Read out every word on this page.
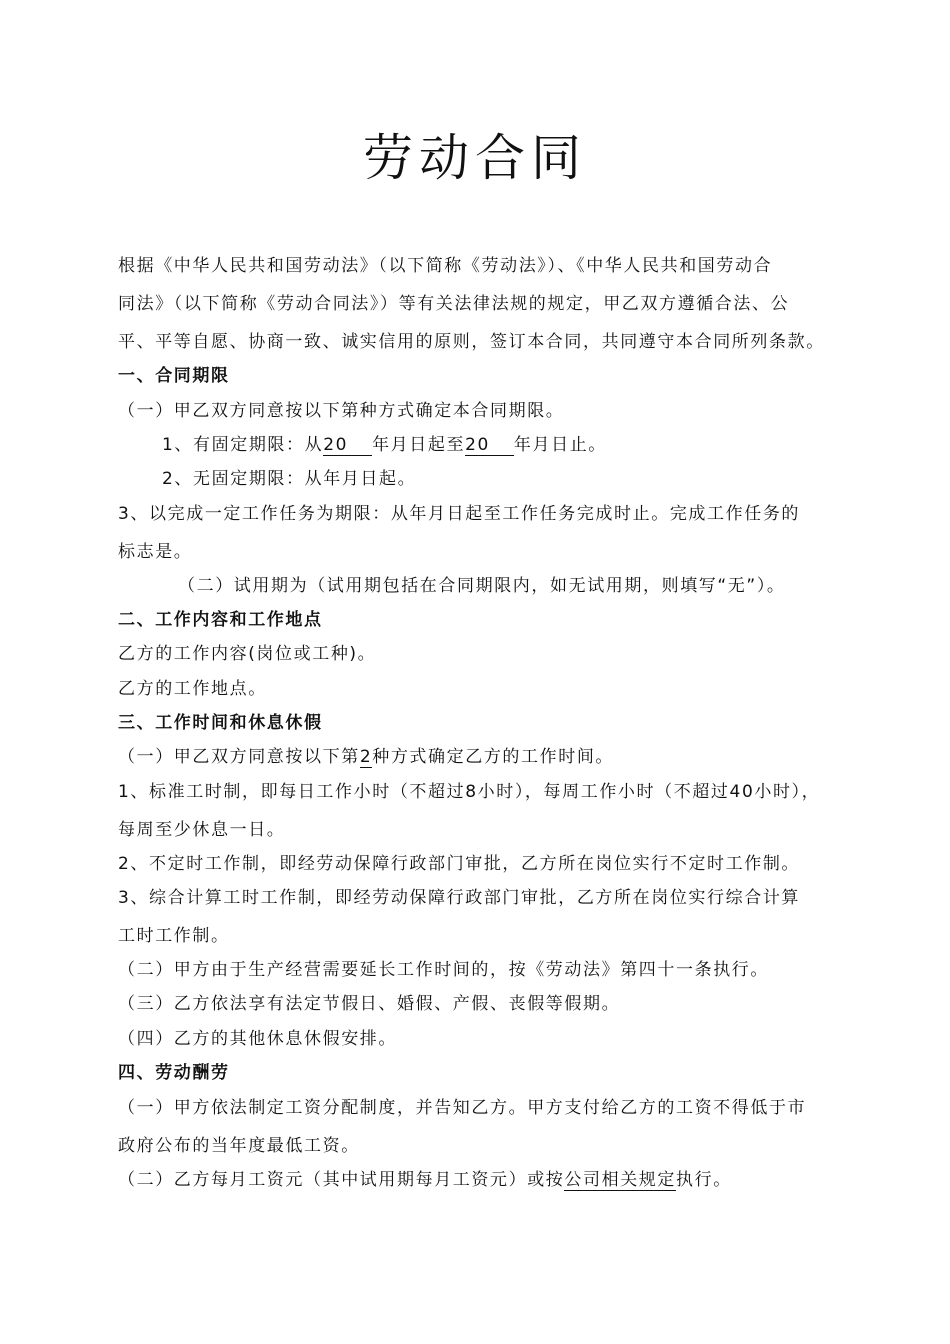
劳动合同
根据《中华人民共和国劳动法》（以下简称《劳动法》）、《中华人民共和国劳动合
同法》（以下简称《劳动合同法》）等有关法律法规的规定，甲乙双方遵循合法、公
平、平等自愿、协商一致、诚实信用的原则，签订本合同，共同遵守本合同所列条款。
一、合同期限
（一）甲乙双方同意按以下第种方式确定本合同期限。
1、有固定期限：从20 年月日起至20 年月日止。
2、无固定期限：从年月日起。
3、以完成一定工作任务为期限：从年月日起至工作任务完成时止。完成工作任务的
标志是。
（二）试用期为（试用期包括在合同期限内，如无试用期，则填写“无”）。
二、工作内容和工作地点
乙方的工作内容(岗位或工种)。
乙方的工作地点。
三、工作时间和休息休假
（一）甲乙双方同意按以下第2种方式确定乙方的工作时间。
1、标准工时制，即每日工作小时（不超过8小时），每周工作小时（不超过40小时），
每周至少休息一日。
2、不定时工作制，即经劳动保障行政部门审批，乙方所在岗位实行不定时工作制。
3、综合计算工时工作制，即经劳动保障行政部门审批，乙方所在岗位实行综合计算
工时工作制。
（二）甲方由于生产经营需要延长工作时间的，按《劳动法》第四十一条执行。
（三）乙方依法享有法定节假日、婚假、产假、丧假等假期。
（四）乙方的其他休息休假安排。
四、劳动酬劳
（一）甲方依法制定工资分配制度，并告知乙方。甲方支付给乙方的工资不得低于市
政府公布的当年度最低工资。
（二）乙方每月工资元（其中试用期每月工资元）或按公司相关规定执行。
